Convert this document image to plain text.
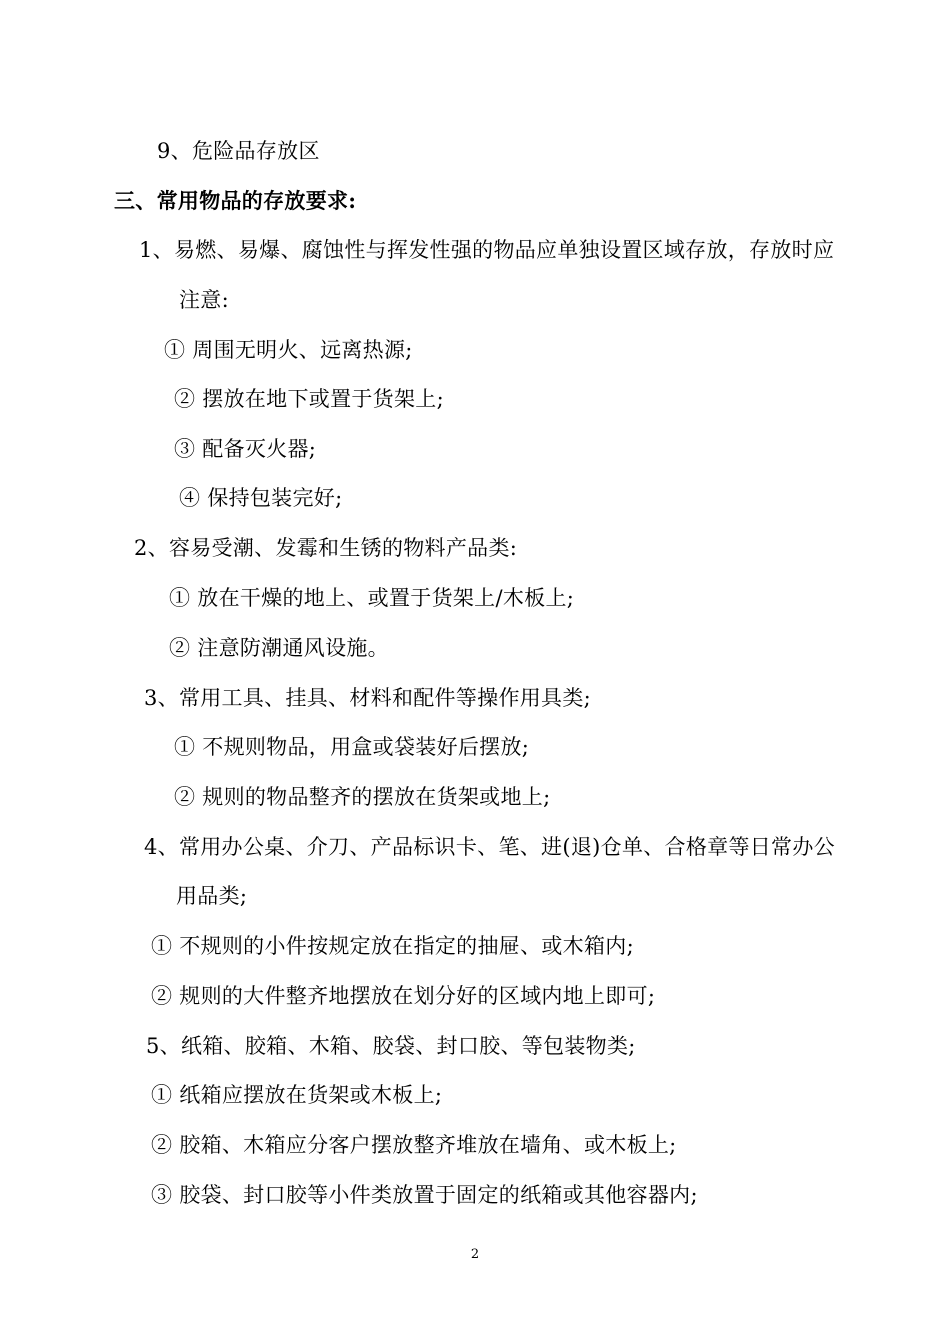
9、危险品存放区
三、常用物品的存放要求:
1、易燃、易爆、腐蚀性与挥发性强的物品应单独设置区域存放，存放时应
注意:
① 周围无明火、远离热源;
② 摆放在地下或置于货架上;
③ 配备灭火器;
④ 保持包装完好;
2、容易受潮、发霉和生锈的物料产品类:
① 放在干燥的地上、或置于货架上/木板上;
② 注意防潮通风设施。
3、常用工具、挂具、材料和配件等操作用具类;
① 不规则物品，用盒或袋装好后摆放;
② 规则的物品整齐的摆放在货架或地上;
4、常用办公桌、介刀、产品标识卡、笔、进(退)仓单、合格章等日常办公
用品类;
① 不规则的小件按规定放在指定的抽屉、或木箱内;
② 规则的大件整齐地摆放在划分好的区域内地上即可;
5、纸箱、胶箱、木箱、胶袋、封口胶、等包装物类;
① 纸箱应摆放在货架或木板上;
② 胶箱、木箱应分客户摆放整齐堆放在墙角、或木板上;
③ 胶袋、封口胶等小件类放置于固定的纸箱或其他容器内;
2
